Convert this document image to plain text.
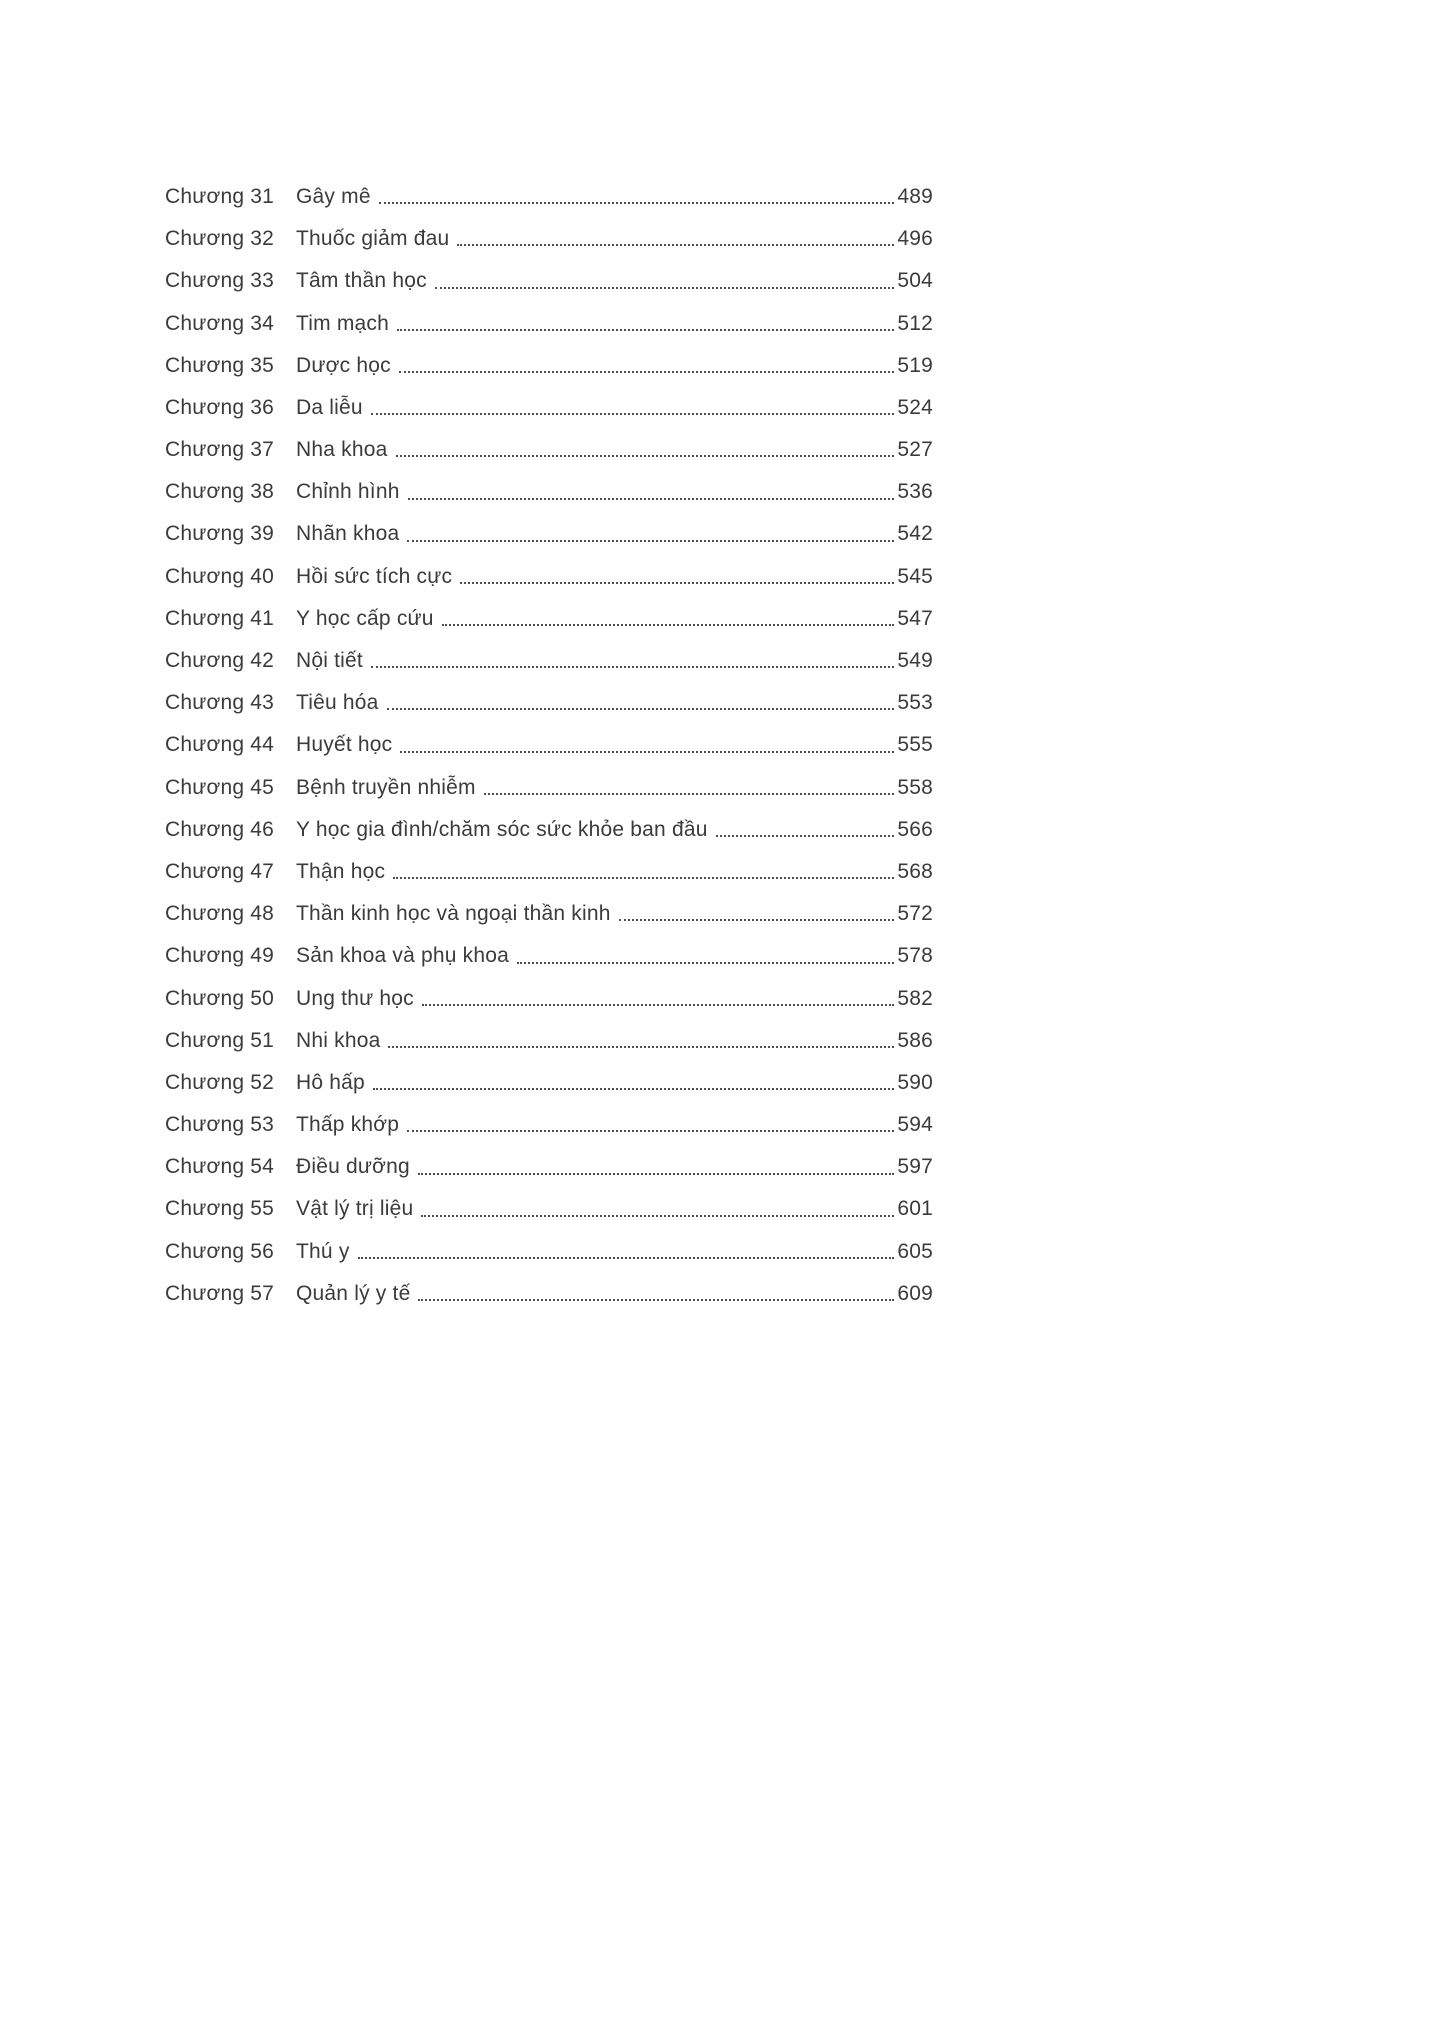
Chương 31	Gây mê	489
Chương 32	Thuốc giảm đau	496
Chương 33	Tâm thần học	504
Chương 34	Tim mạch	512
Chương 35	Dược học	519
Chương 36	Da liễu	524
Chương 37	Nha khoa	527
Chương 38	Chỉnh hình	536
Chương 39	Nhãn khoa	542
Chương 40	Hồi sức tích cực	545
Chương 41	Y học cấp cứu	547
Chương 42	Nội tiết	549
Chương 43	Tiêu hóa	553
Chương 44	Huyết học	555
Chương 45	Bệnh truyền nhiễm	558
Chương 46	Y học gia đình/chăm sóc sức khỏe ban đầu	566
Chương 47	Thận học	568
Chương 48	Thần kinh học và ngoại thần kinh	572
Chương 49	Sản khoa và phụ khoa	578
Chương 50	Ung thư học	582
Chương 51	Nhi khoa	586
Chương 52	Hô hấp	590
Chương 53	Thấp khớp	594
Chương 54	Điều dưỡng	597
Chương 55	Vật lý trị liệu	601
Chương 56	Thú y	605
Chương 57	Quản lý y tế	609
